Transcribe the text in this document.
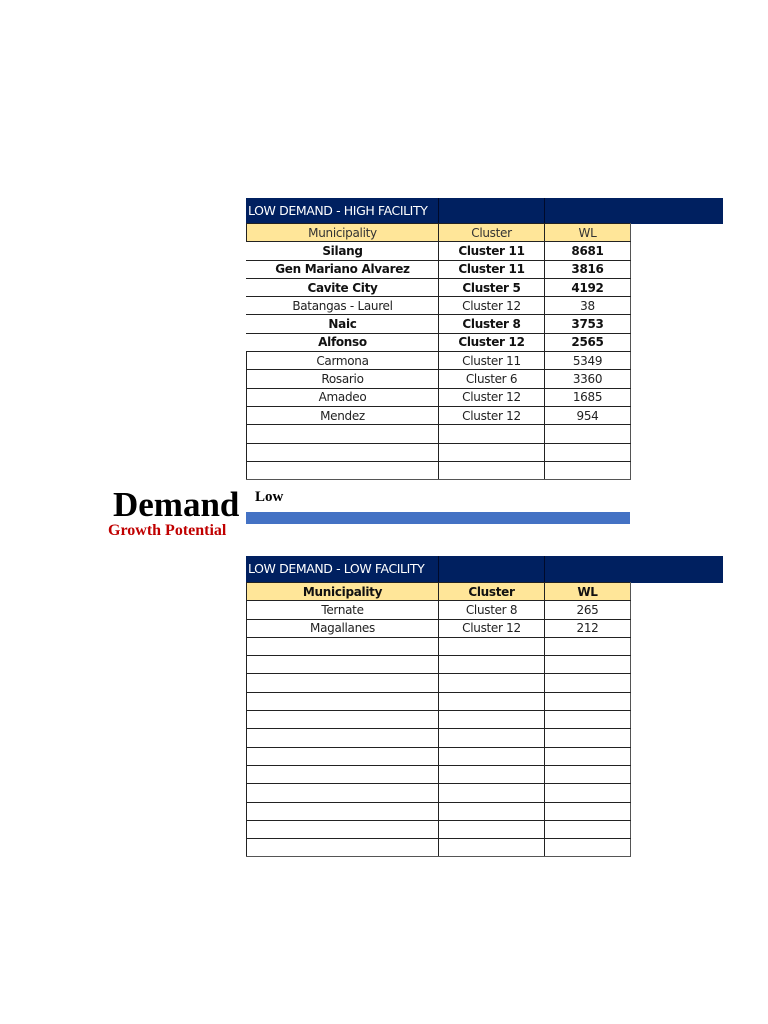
LOW DEMAND - HIGH FACILITY
Municipality	Cluster	WL
Silang	Cluster 11	8681
Gen Mariano Alvarez	Cluster 11	3816
Cavite City	Cluster 5	4192
Batangas - Laurel	Cluster 12	38
Naic	Cluster 8	3753
Alfonso	Cluster 12	2565
Carmona	Cluster 11	5349
Rosario	Cluster 6	3360
Amadeo	Cluster 12	1685
Mendez	Cluster 12	954

Demand
Growth Potential
Low
LOW DEMAND - LOW FACILITY
Municipality	Cluster	WL
Ternate	Cluster 8	265
Magallanes	Cluster 12	212
